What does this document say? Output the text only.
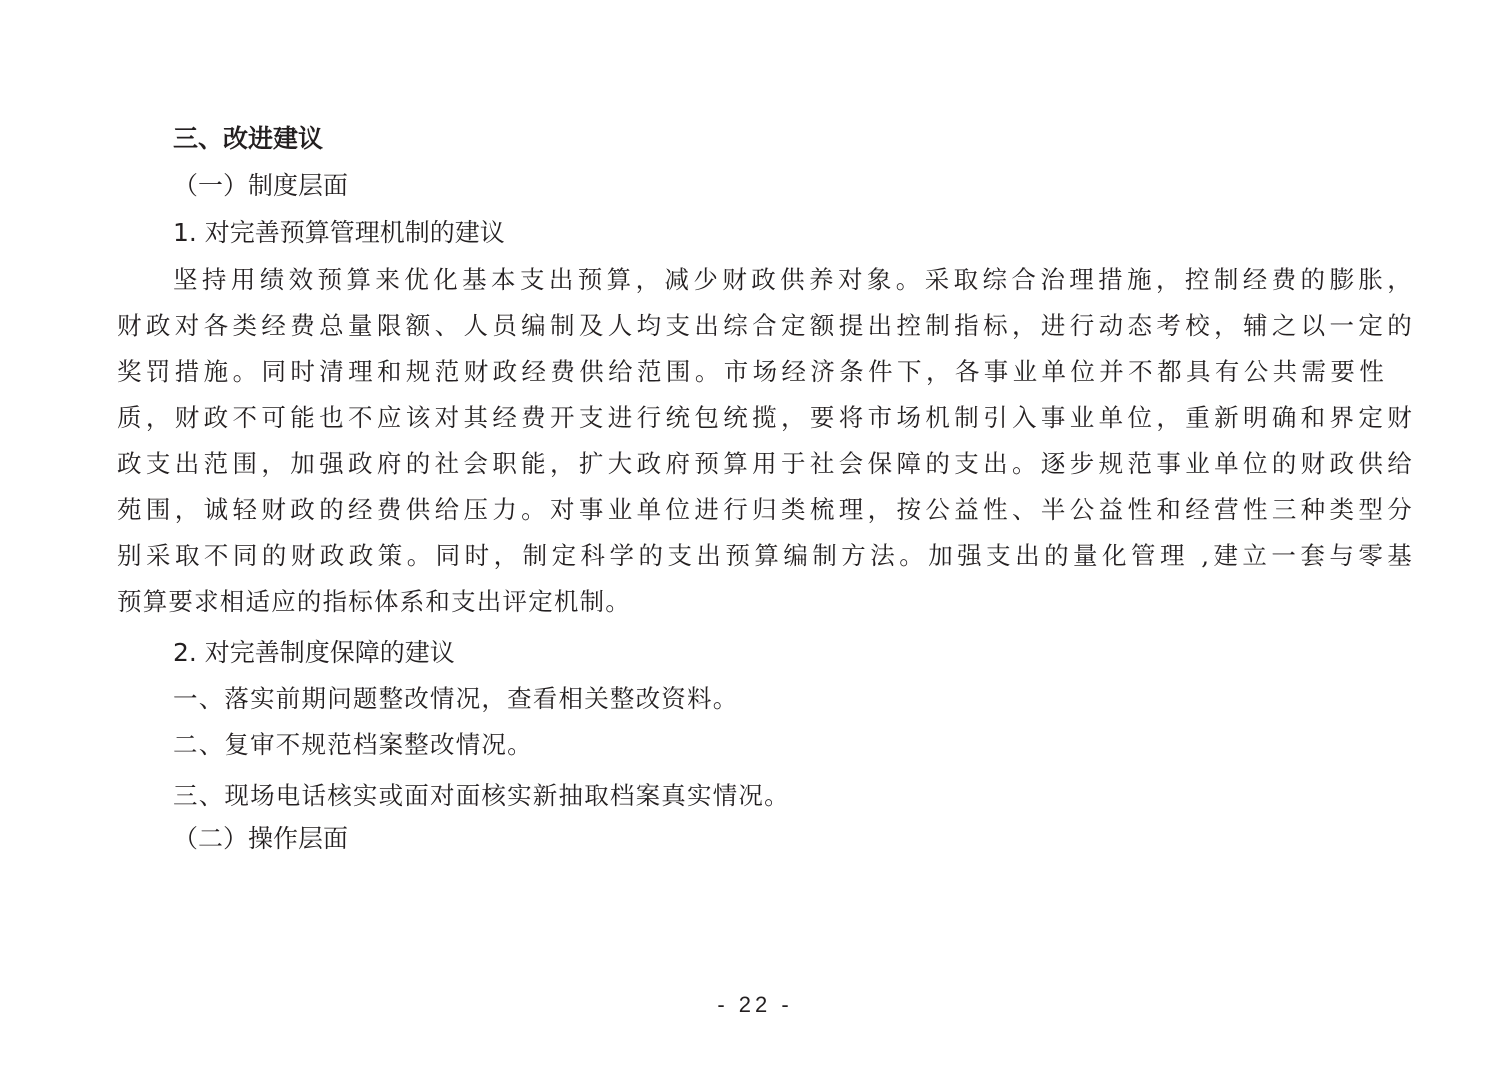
三、改进建议
（一）制度层面
1. 对完善预算管理机制的建议
坚持用绩效预算来优化基本支出预算，减少财政供养对象。采取综合治理措施，控制经费的膨胀，
财政对各类经费总量限额、人员编制及人均支出综合定额提出控制指标，进行动态考校，辅之以一定的
奖罚措施。同时清理和规范财政经费供给范围。市场经济条件下，各事业单位并不都具有公共需要性
质，财政不可能也不应该对其经费开支进行统包统揽，要将市场机制引入事业单位，重新明确和界定财
政支出范围，加强政府的社会职能，扩大政府预算用于社会保障的支出。逐步规范事业单位的财政供给
苑围，诚轻财政的经费供给压力。对事业单位进行归类梳理，按公益性、半公益性和经营性三种类型分
别采取不同的财政政策。同时，制定科学的支出预算编制方法。加强支出的量化管理 ,建立一套与零基
预算要求相适应的指标体系和支出评定机制。
2. 对完善制度保障的建议
一、落实前期问题整改情况，查看相关整改资料。
二、复审不规范档案整改情况。
三、现场电话核实或面对面核实新抽取档案真实情况。
（二）操作层面
- 22 -
